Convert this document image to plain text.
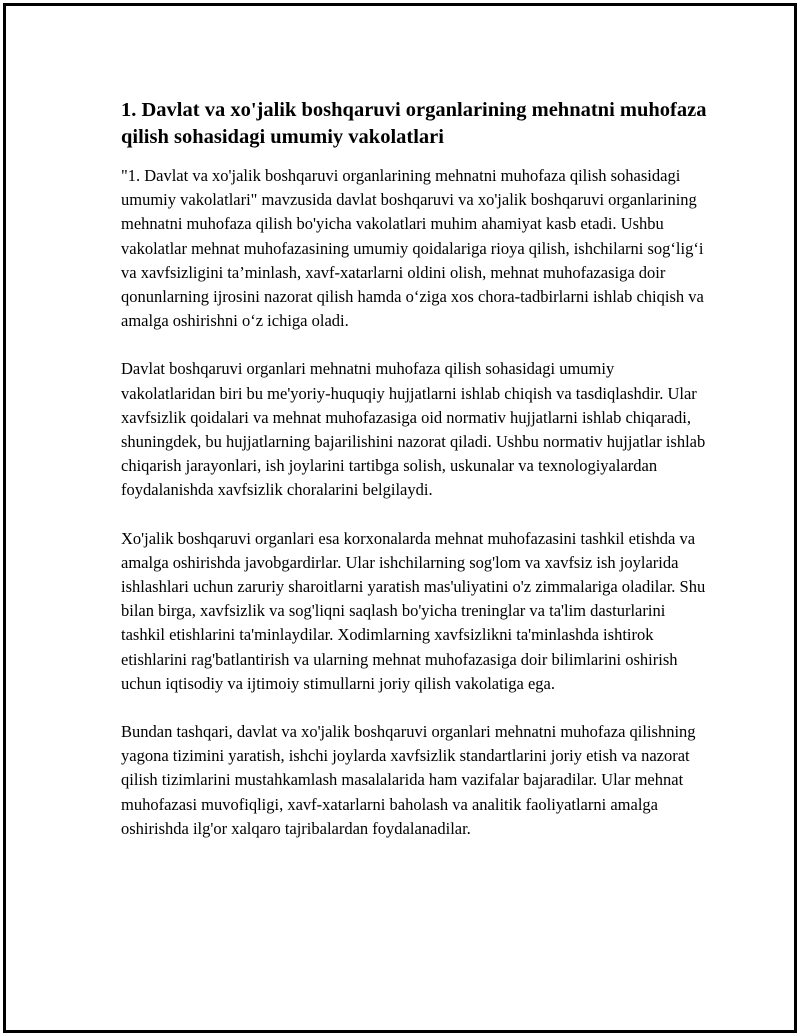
1. Davlat va xo'jalik boshqaruvi organlarining mehnatni muhofaza qilish sohasidagi umumiy vakolatlari

"1. Davlat va xo'jalik boshqaruvi organlarining mehnatni muhofaza qilish sohasidagi umumiy vakolatlari" mavzusida davlat boshqaruvi va xo'jalik boshqaruvi organlarining mehnatni muhofaza qilish bo'yicha vakolatlari muhim ahamiyat kasb etadi. Ushbu vakolatlar mehnat muhofazasining umumiy qoidalariga rioya qilish, ishchilarni sog‘lig‘i va xavfsizligini ta’minlash, xavf-xatarlarni oldini olish, mehnat muhofazasiga doir qonunlarning ijrosini nazorat qilish hamda o‘ziga xos chora-tadbirlarni ishlab chiqish va amalga oshirishni o‘z ichiga oladi.

Davlat boshqaruvi organlari mehnatni muhofaza qilish sohasidagi umumiy vakolatlaridan biri bu me'yoriy-huquqiy hujjatlarni ishlab chiqish va tasdiqlashdir. Ular xavfsizlik qoidalari va mehnat muhofazasiga oid normativ hujjatlarni ishlab chiqaradi, shuningdek, bu hujjatlarning bajarilishini nazorat qiladi. Ushbu normativ hujjatlar ishlab chiqarish jarayonlari, ish joylarini tartibga solish, uskunalar va texnologiyalardan foydalanishda xavfsizlik choralarini belgilaydi.

Xo'jalik boshqaruvi organlari esa korxonalarda mehnat muhofazasini tashkil etishda va amalga oshirishda javobgardirlar. Ular ishchilarning sog'lom va xavfsiz ish joylarida ishlashlari uchun zaruriy sharoitlarni yaratish mas'uliyatini o'z zimmalariga oladilar. Shu bilan birga, xavfsizlik va sog'liqni saqlash bo'yicha treninglar va ta'lim dasturlarini tashkil etishlarini ta'minlaydilar. Xodimlarning xavfsizlikni ta'minlashda ishtirok etishlarini rag'batlantirish va ularning mehnat muhofazasiga doir bilimlarini oshirish uchun iqtisodiy va ijtimoiy stimullarni joriy qilish vakolatiga ega.

Bundan tashqari, davlat va xo'jalik boshqaruvi organlari mehnatni muhofaza qilishning yagona tizimini yaratish, ishchi joylarda xavfsizlik standartlarini joriy etish va nazorat qilish tizimlarini mustahkamlash masalalarida ham vazifalar bajaradilar. Ular mehnat muhofazasi muvofiqligi, xavf-xatarlarni baholash va analitik faoliyatlarni amalga oshirishda ilg'or xalqaro tajribalardan foydalanadilar.
